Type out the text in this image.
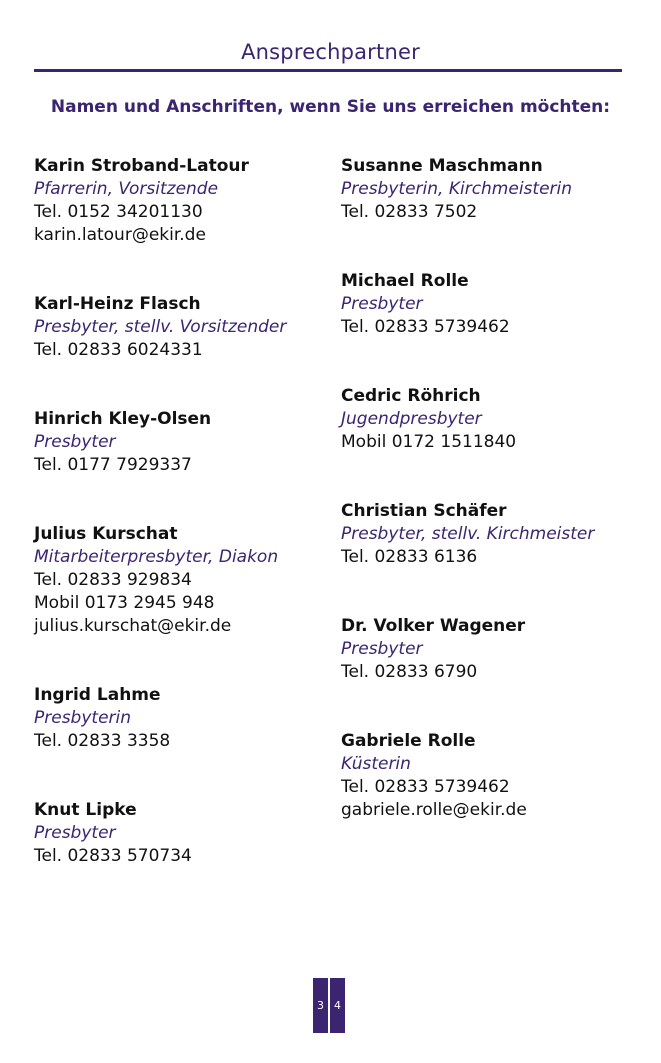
Ansprechpartner
Namen und Anschriften, wenn Sie uns erreichen möchten:
Karin Stroband-Latour
Pfarrerin, Vorsitzende
Tel. 0152 34201130
karin.latour@ekir.de
Karl-Heinz Flasch
Presbyter, stellv. Vorsitzender
Tel. 02833 6024331
Hinrich Kley-Olsen
Presbyter
Tel. 0177 7929337
Julius Kurschat
Mitarbeiterpresbyter, Diakon
Tel. 02833 929834
Mobil 0173 2945 948
julius.kurschat@ekir.de
Ingrid Lahme
Presbyterin
Tel. 02833 3358
Knut Lipke
Presbyter
Tel. 02833 570734
Susanne Maschmann
Presbyterin, Kirchmeisterin
Tel. 02833 7502
Michael Rolle
Presbyter
Tel. 02833 5739462
Cedric Röhrich
Jugendpresbyter
Mobil 0172 1511840
Christian Schäfer
Presbyter, stellv. Kirchmeister
Tel. 02833 6136
Dr. Volker Wagener
Presbyter
Tel. 02833 6790
Gabriele Rolle
Küsterin
Tel. 02833 5739462
gabriele.rolle@ekir.de
3 4
